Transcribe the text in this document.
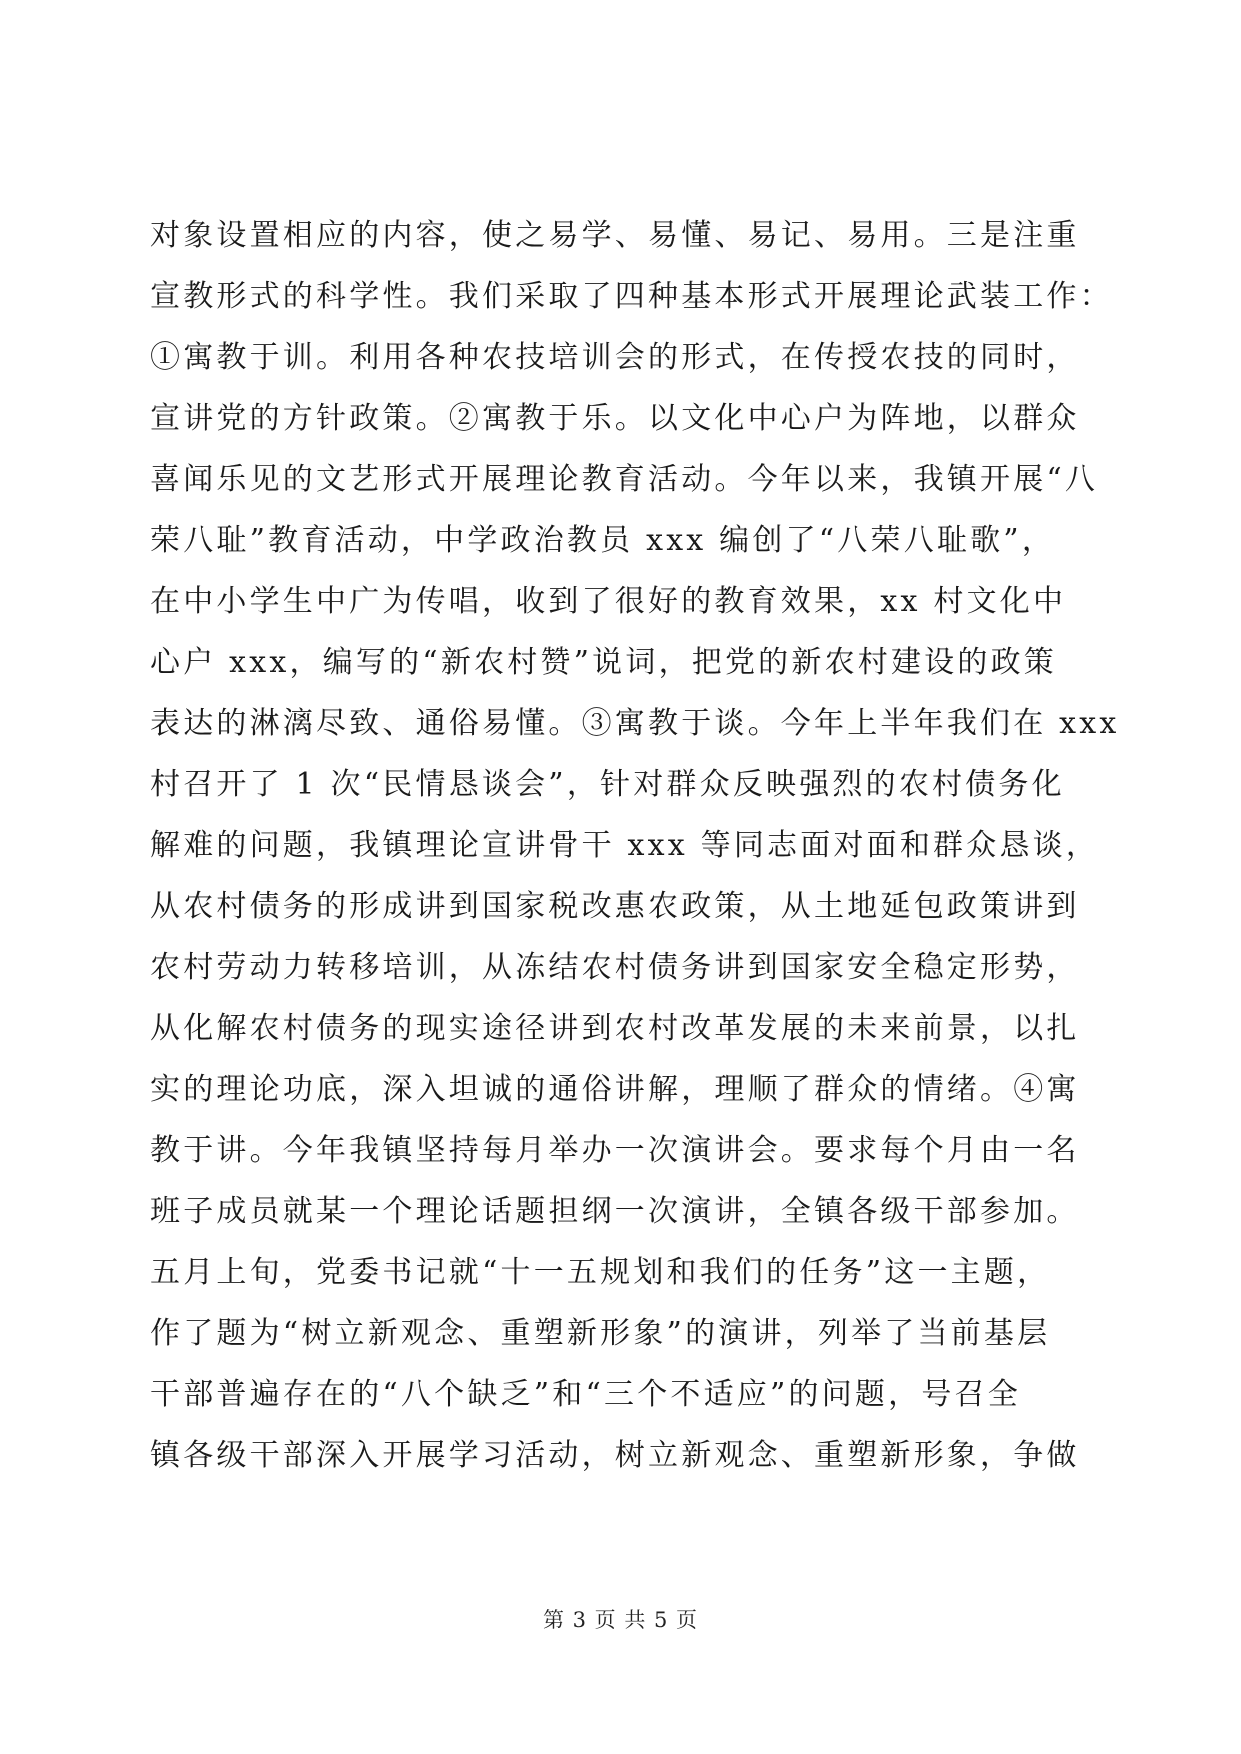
对象设置相应的内容，使之易学、易懂、易记、易用。三是注重
宣教形式的科学性。我们采取了四种基本形式开展理论武装工作：
①寓教于训。利用各种农技培训会的形式，在传授农技的同时，
宣讲党的方针政策。②寓教于乐。以文化中心户为阵地，以群众
喜闻乐见的文艺形式开展理论教育活动。今年以来，我镇开展“八
荣八耻”教育活动，中学政治教员 xxx 编创了“八荣八耻歌”，
在中小学生中广为传唱，收到了很好的教育效果，xx 村文化中
心户 xxx，编写的“新农村赞”说词，把党的新农村建设的政策
表达的淋漓尽致、通俗易懂。③寓教于谈。今年上半年我们在 xxx
村召开了 1 次“民情恳谈会”，针对群众反映强烈的农村债务化
解难的问题，我镇理论宣讲骨干 xxx 等同志面对面和群众恳谈，
从农村债务的形成讲到国家税改惠农政策，从土地延包政策讲到
农村劳动力转移培训，从冻结农村债务讲到国家安全稳定形势，
从化解农村债务的现实途径讲到农村改革发展的未来前景，以扎
实的理论功底，深入坦诚的通俗讲解，理顺了群众的情绪。④寓
教于讲。今年我镇坚持每月举办一次演讲会。要求每个月由一名
班子成员就某一个理论话题担纲一次演讲，全镇各级干部参加。
五月上旬，党委书记就“十一五规划和我们的任务”这一主题，
作了题为“树立新观念、重塑新形象”的演讲，列举了当前基层
干部普遍存在的“八个缺乏”和“三个不适应”的问题，号召全
镇各级干部深入开展学习活动，树立新观念、重塑新形象，争做
第 3 页 共 5 页
